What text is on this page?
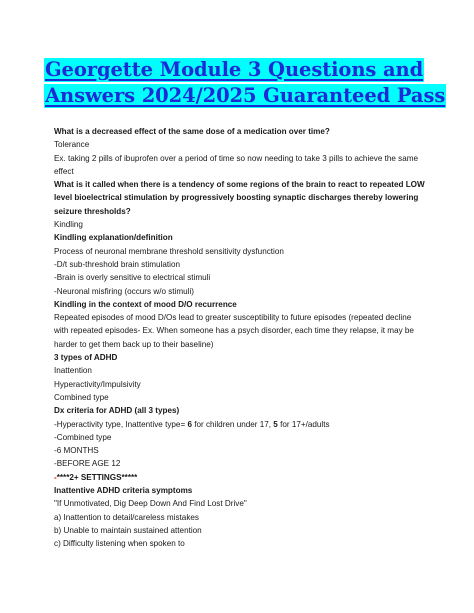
Georgette Module 3 Questions and
Answers 2024/2025 Guaranteed Pass

What is a decreased effect of the same dose of a medication over time?

Tolerance

Ex. taking 2 pills of ibuprofen over a period of time so now needing to take 3 pills to achieve the same effect

What is it called when there is a tendency of some regions of the brain to react to repeated LOW level bioelectrical stimulation by progressively boosting synaptic discharges thereby lowering seizure thresholds?

Kindling

Kindling explanation/definition

Process of neuronal membrane threshold sensitivity dysfunction

-D/t sub-threshold brain stimulation

-Brain is overly sensitive to electrical stimuli

-Neuronal misfiring (occurs w/o stimuli)

Kindling in the context of mood D/O recurrence

Repeated episodes of mood D/Os lead to greater susceptibility to future episodes (repeated decline with repeated episodes- Ex. When someone has a psych disorder, each time they relapse, it may be harder to get them back up to their baseline)

3 types of ADHD

Inattention

Hyperactivity/Impulsivity

Combined type

Dx criteria for ADHD (all 3 types)

-Hyperactivity type, Inattentive type= 6 for children under 17, 5 for 17+/adults

-Combined type

-6 MONTHS

-BEFORE AGE 12

-****2+ SETTINGS*****

Inattentive ADHD criteria symptoms

"If Unmotivated, Dig Deep Down And Find Lost Drive"

a) Inattention to detail/careless mistakes

b) Unable to maintain sustained attention

c) Difficulty listening when spoken to
